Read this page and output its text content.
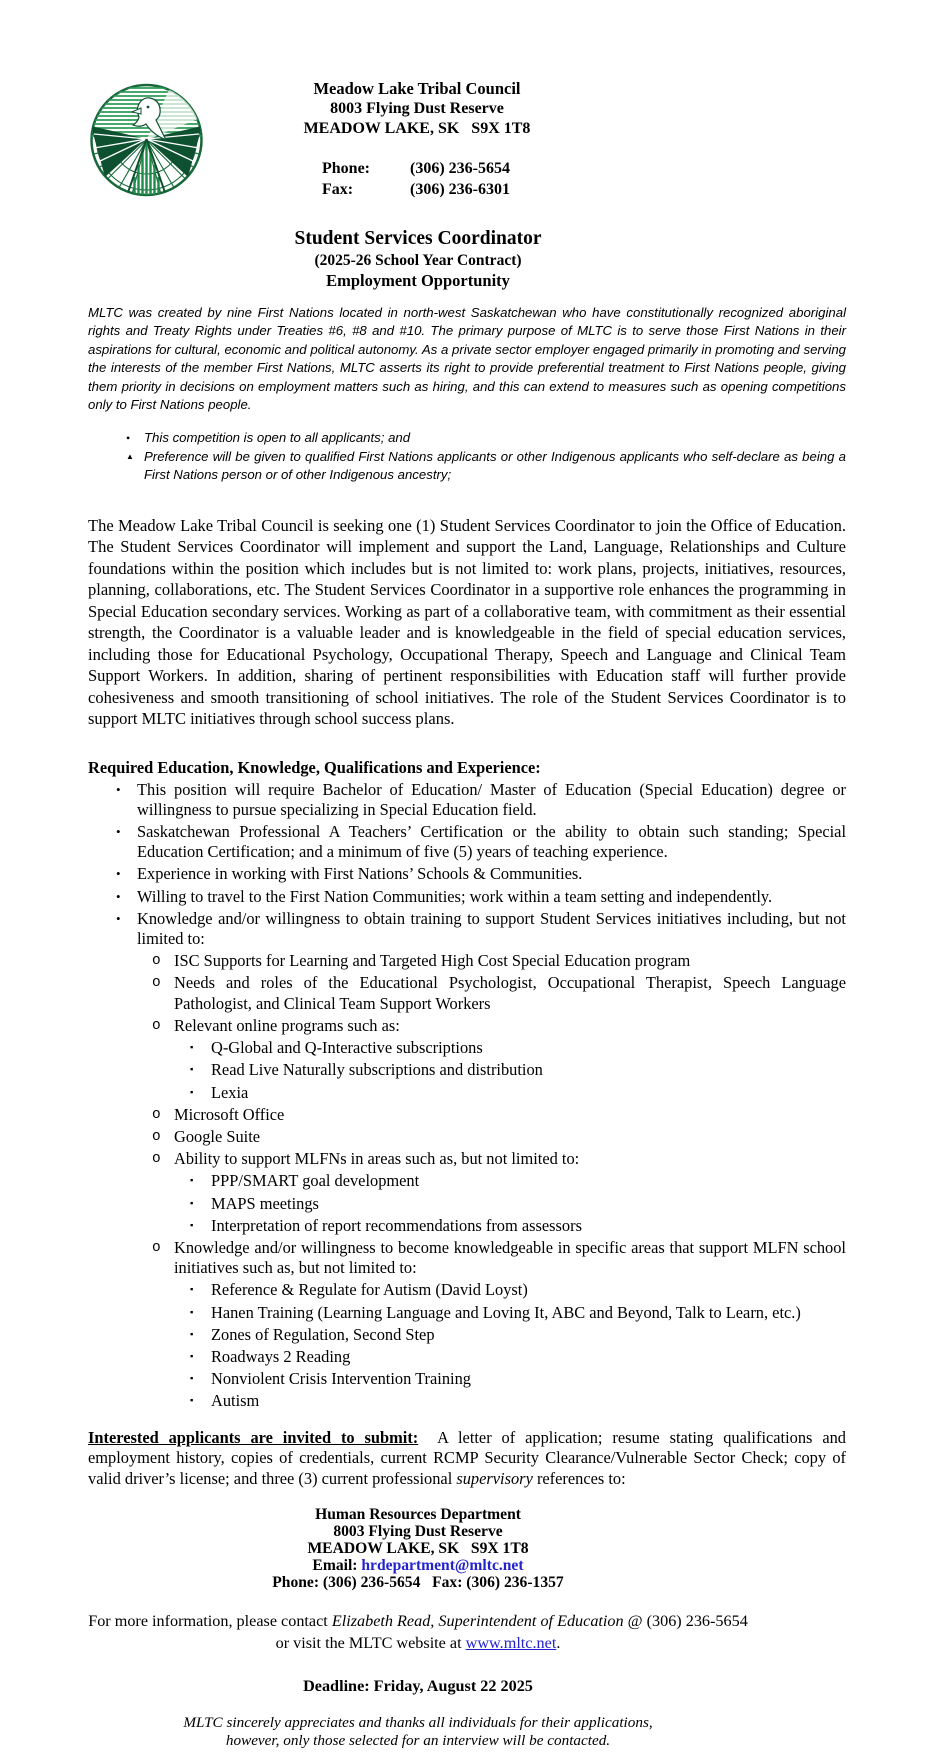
Meadow Lake Tribal Council
8003 Flying Dust Reserve
MEADOW LAKE, SK   S9X 1T8
Phone:	(306) 236-5654
Fax:	(306) 236-6301
Student Services Coordinator
(2025-26 School Year Contract)
Employment Opportunity

MLTC was created by nine First Nations located in north-west Saskatchewan who have constitutionally recognized aboriginal rights and Treaty Rights under Treaties #6, #8 and #10. The primary purpose of MLTC is to serve those First Nations in their aspirations for cultural, economic and political autonomy. As a private sector employer engaged primarily in promoting and serving the interests of the member First Nations, MLTC asserts its right to provide preferential treatment to First Nations people, giving them priority in decisions on employment matters such as hiring, and this can extend to measures such as opening competitions only to First Nations people.

•	This competition is open to all applicants; and
▲ Preference will be given to qualified First Nations applicants or other Indigenous applicants who self-declare as being a First Nations person or of other Indigenous ancestry;

The Meadow Lake Tribal Council is seeking one (1) Student Services Coordinator to join the Office of Education. The Student Services Coordinator will implement and support the Land, Language, Relationships and Culture foundations within the position which includes but is not limited to: work plans, projects, initiatives, resources, planning, collaborations, etc. The Student Services Coordinator in a supportive role enhances the programming in Special Education secondary services. Working as part of a collaborative team, with commitment as their essential strength, the Coordinator is a valuable leader and is knowledgeable in the field of special education services, including those for Educational Psychology, Occupational Therapy, Speech and Language and Clinical Team Support Workers. In addition, sharing of pertinent responsibilities with Education staff will further provide cohesiveness and smooth transitioning of school initiatives. The role of the Student Services Coordinator is to support MLTC initiatives through school success plans.

Required Education, Knowledge, Qualifications and Experience:
•	This position will require Bachelor of Education/ Master of Education (Special Education) degree or willingness to pursue specializing in Special Education field.
•	Saskatchewan Professional A Teachers’ Certification or the ability to obtain such standing; Special Education Certification; and a minimum of five (5) years of teaching experience.
•	Experience in working with First Nations’ Schools & Communities.
•	Willing to travel to the First Nation Communities; work within a team setting and independently.
•	Knowledge and/or willingness to obtain training to support Student Services initiatives including, but not limited to:
o ISC Supports for Learning and Targeted High Cost Special Education program
o Needs and roles of the Educational Psychologist, Occupational Therapist, Speech Language Pathologist, and Clinical Team Support Workers
o Relevant online programs such as:
▪	Q-Global and Q-Interactive subscriptions
▪	Read Live Naturally subscriptions and distribution
▪	Lexia
o Microsoft Office
o Google Suite
o Ability to support MLFNs in areas such as, but not limited to:
▪	PPP/SMART goal development
▪	MAPS meetings
▪	Interpretation of report recommendations from assessors
o Knowledge and/or willingness to become knowledgeable in specific areas that support MLFN school initiatives such as, but not limited to:
▪	Reference & Regulate for Autism (David Loyst)
▪	Hanen Training (Learning Language and Loving It, ABC and Beyond, Talk to Learn, etc.)
▪	Zones of Regulation, Second Step
▪	Roadways 2 Reading
▪	Nonviolent Crisis Intervention Training
▪	Autism

Interested applicants are invited to submit:  A letter of application; resume stating qualifications and employment history, copies of credentials, current RCMP Security Clearance/Vulnerable Sector Check; copy of valid driver’s license; and three (3) current professional supervisory references to:

Human Resources Department
8003 Flying Dust Reserve
MEADOW LAKE, SK   S9X 1T8
Email: hrdepartment@mltc.net
Phone: (306) 236-5654   Fax: (306) 236-1357

For more information, please contact Elizabeth Read, Superintendent of Education @ (306) 236-5654 or visit the MLTC website at www.mltc.net.

Deadline: Friday, August 22 2025

MLTC sincerely appreciates and thanks all individuals for their applications,
however, only those selected for an interview will be contacted.
